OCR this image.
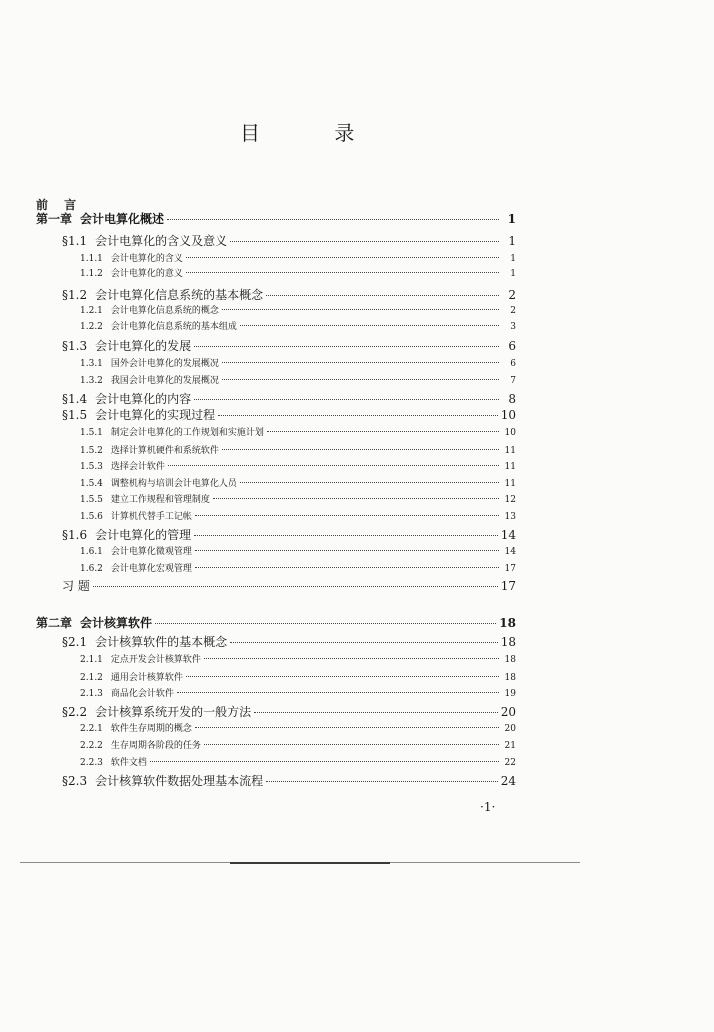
目 录
前 言
第一章 会计电算化概述	1
§1.1 会计电算化的含义及意义	1
1.1.1 会计电算化的含义	1
1.1.2 会计电算化的意义	1
§1.2 会计电算化信息系统的基本概念	2
1.2.1 会计电算化信息系统的概念	2
1.2.2 会计电算化信息系统的基本组成	3
§1.3 会计电算化的发展	6
1.3.1 国外会计电算化的发展概况	6
1.3.2 我国会计电算化的发展概况	7
§1.4 会计电算化的内容	8
§1.5 会计电算化的实现过程	10
1.5.1 制定会计电算化的工作规划和实施计划	10
1.5.2 选择计算机硬件和系统软件	11
1.5.3 选择会计软件	11
1.5.4 调整机构与培训会计电算化人员	11
1.5.5 建立工作规程和管理制度	12
1.5.6 计算机代替手工记帐	13
§1.6 会计电算化的管理	14
1.6.1 会计电算化微观管理	14
1.6.2 会计电算化宏观管理	17
习 题	17
第二章 会计核算软件	18
§2.1 会计核算软件的基本概念	18
2.1.1 定点开发会计核算软件	18
2.1.2 通用会计核算软件	18
2.1.3 商品化会计软件	19
§2.2 会计核算系统开发的一般方法	20
2.2.1 软件生存周期的概念	20
2.2.2 生存周期各阶段的任务	21
2.2.3 软件文档	22
§2.3 会计核算软件数据处理基本流程	24
·1·
